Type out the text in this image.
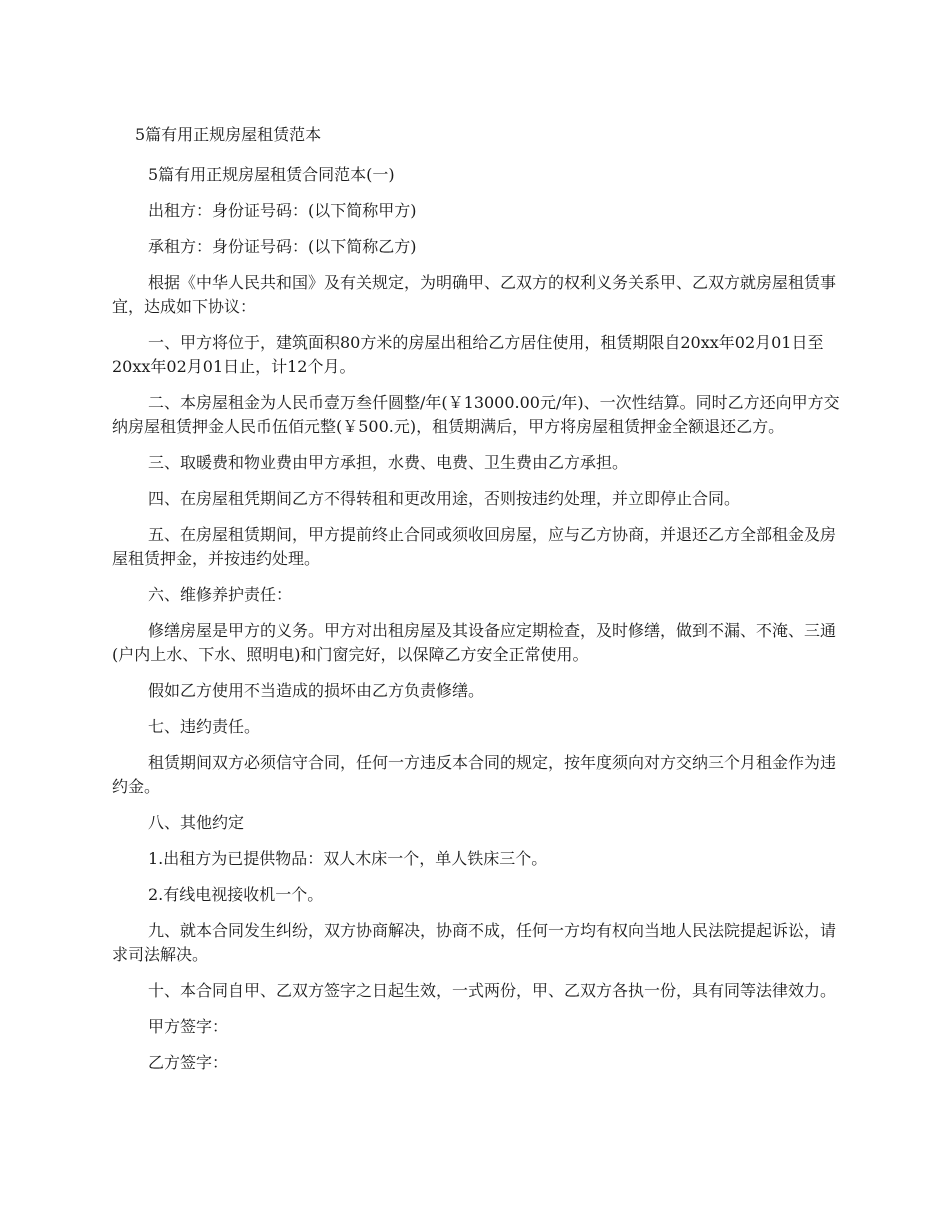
5篇有用正规房屋租赁范本

5篇有用正规房屋租赁合同范本(一)

出租方：身份证号码：(以下简称甲方)

承租方：身份证号码：(以下简称乙方)

根据《中华人民共和国》及有关规定，为明确甲、乙双方的权利义务关系甲、乙双方就房屋租赁事宜，达成如下协议：

一、甲方将位于，建筑面积80方米的房屋出租给乙方居住使用，租赁期限自20xx年02月01日至20xx年02月01日止，计12个月。

二、本房屋租金为人民币壹万叁仟圆整/年(￥13000.00元/年)、一次性结算。同时乙方还向甲方交纳房屋租赁押金人民币伍佰元整(￥500.元)，租赁期满后，甲方将房屋租赁押金全额退还乙方。

三、取暖费和物业费由甲方承担，水费、电费、卫生费由乙方承担。

四、在房屋租凭期间乙方不得转租和更改用途，否则按违约处理，并立即停止合同。

五、在房屋租赁期间，甲方提前终止合同或须收回房屋，应与乙方协商，并退还乙方全部租金及房屋租赁押金，并按违约处理。

六、维修养护责任：

修缮房屋是甲方的义务。甲方对出租房屋及其设备应定期检查，及时修缮，做到不漏、不淹、三通(户内上水、下水、照明电)和门窗完好，以保障乙方安全正常使用。

假如乙方使用不当造成的损坏由乙方负责修缮。

七、违约责任。

租赁期间双方必须信守合同，任何一方违反本合同的规定，按年度须向对方交纳三个月租金作为违约金。

八、其他约定

1.出租方为已提供物品：双人木床一个，单人铁床三个。

2.有线电视接收机一个。

九、就本合同发生纠纷，双方协商解决，协商不成，任何一方均有权向当地人民法院提起诉讼，请求司法解决。

十、本合同自甲、乙双方签字之日起生效，一式两份，甲、乙双方各执一份，具有同等法律效力。

甲方签字：

乙方签字：
